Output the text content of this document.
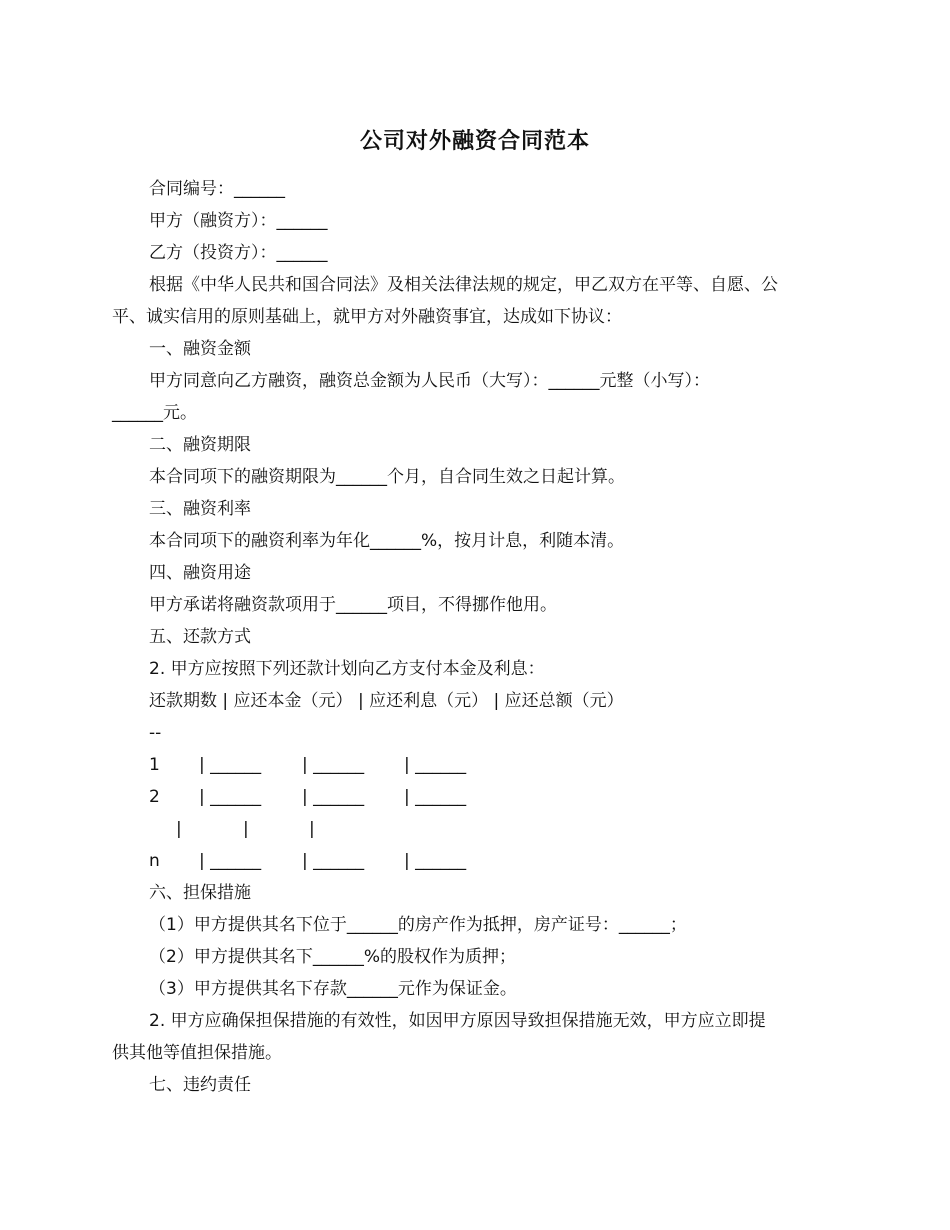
公司对外融资合同范本
合同编号：______
甲方（融资方）：______
乙方（投资方）：______
根据《中华人民共和国合同法》及相关法律法规的规定，甲乙双方在平等、自愿、公
平、诚实信用的原则基础上，就甲方对外融资事宜，达成如下协议：
一、融资金额
甲方同意向乙方融资，融资总金额为人民币（大写）：______元整（小写）：
______元。
二、融资期限
本合同项下的融资期限为______个月，自合同生效之日起计算。
三、融资利率
本合同项下的融资利率为年化______%，按月计息，利随本清。
四、融资用途
甲方承诺将融资款项用于______项目，不得挪作他用。
五、还款方式
2. 甲方应按照下列还款计划向乙方支付本金及利息：
还款期数 | 应还本金（元） | 应还利息（元） | 应还总额（元）
--
1 | ______ | ______ | ______
2 | ______ | ______ | ______
|	|	|
n | ______ | ______ | ______
六、担保措施
（1）甲方提供其名下位于______的房产作为抵押，房产证号：______；
（2）甲方提供其名下______%的股权作为质押；
（3）甲方提供其名下存款______元作为保证金。
2. 甲方应确保担保措施的有效性，如因甲方原因导致担保措施无效，甲方应立即提
供其他等值担保措施。
七、违约责任
